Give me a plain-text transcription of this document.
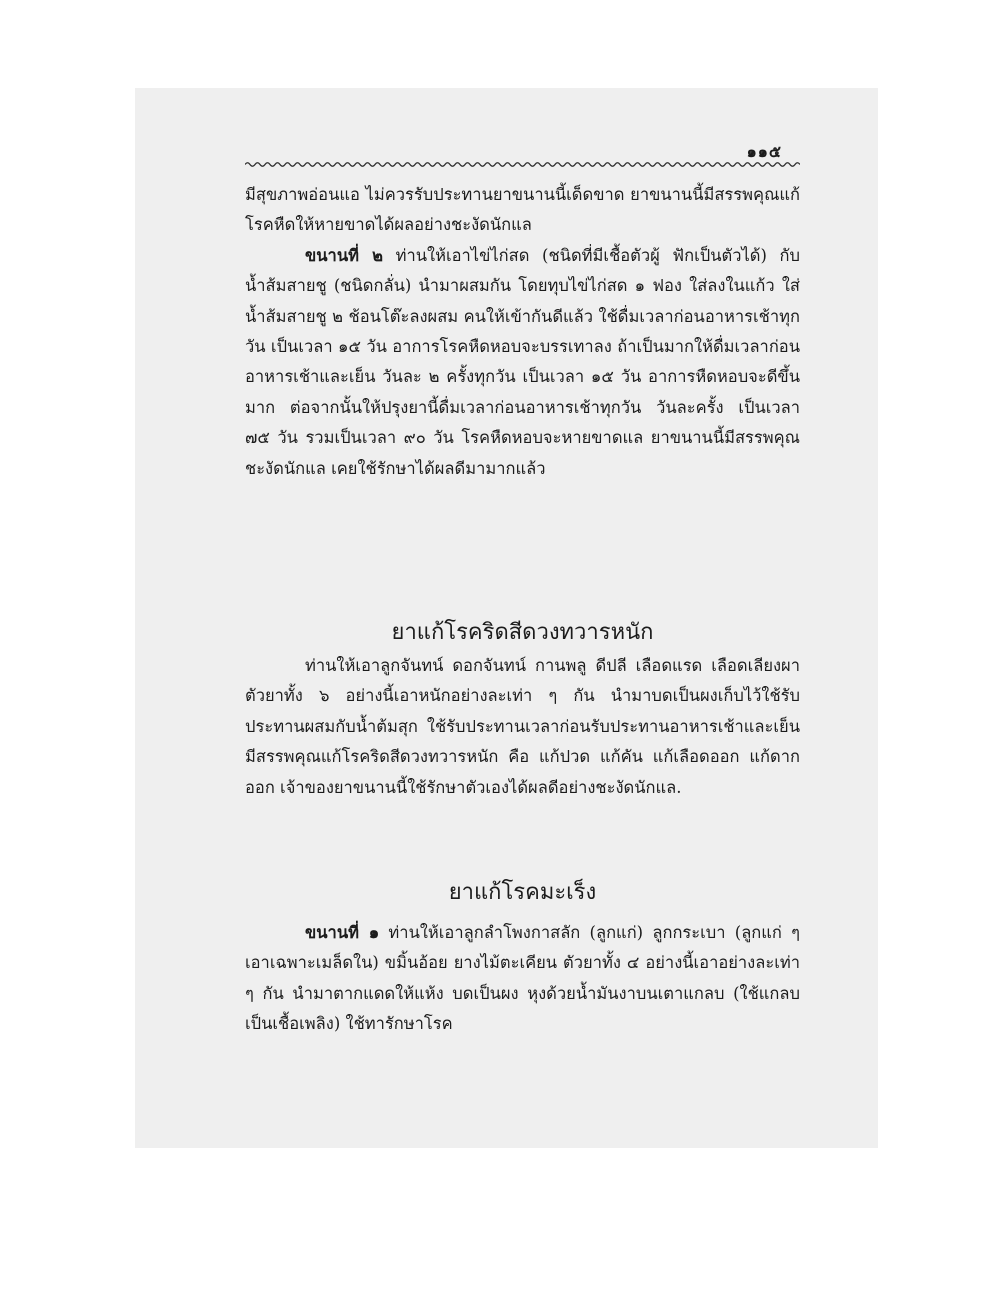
๑๑๕

มีสุขภาพอ่อนแอ ไม่ควรรับประทานยาขนานนี้เด็ดขาด ยาขนานนี้มีสรรพคุณแก้โรคหืดให้หายขาดได้ผลอย่างชะงัดนักแล

ขนานที่ ๒ ท่านให้เอาไข่ไก่สด (ชนิดที่มีเชื้อตัวผู้ ฟักเป็นตัวได้) กับน้ำส้มสายชู (ชนิดกลั่น) นำมาผสมกัน โดยทุบไข่ไก่สด ๑ ฟอง ใส่ลงในแก้ว ใส่น้ำส้มสายชู ๒ ช้อนโต๊ะลงผสม คนให้เข้ากันดีแล้ว ใช้ดื่มเวลาก่อนอาหารเช้าทุกวัน เป็นเวลา ๑๕ วัน อาการโรคหืดหอบจะบรรเทาลง ถ้าเป็นมากให้ดื่มเวลาก่อนอาหารเช้าและเย็น วันละ ๒ ครั้งทุกวัน เป็นเวลา ๑๕ วัน อาการหืดหอบจะดีขึ้นมาก ต่อจากนั้นให้ปรุงยานี้ดื่มเวลาก่อนอาหารเช้าทุกวัน วันละครั้ง เป็นเวลา ๗๕ วัน รวมเป็นเวลา ๙๐ วัน โรคหืดหอบจะหายขาดแล ยาขนานนี้มีสรรพคุณชะงัดนักแล เคยใช้รักษาได้ผลดีมามากแล้ว

ยาแก้โรคริดสีดวงทวารหนัก

ท่านให้เอาลูกจันทน์ ดอกจันทน์ กานพลู ดีปลี เลือดแรด เลือดเลียงผา ตัวยาทั้ง ๖ อย่างนี้เอาหนักอย่างละเท่า ๆ กัน นำมาบดเป็นผงเก็บไว้ใช้รับประทานผสมกับน้ำต้มสุก ใช้รับประทานเวลาก่อนรับประทานอาหารเช้าและเย็น มีสรรพคุณแก้โรคริดสีดวงทวารหนัก คือ แก้ปวด แก้คัน แก้เลือดออก แก้ดากออก เจ้าของยาขนานนี้ใช้รักษาตัวเองได้ผลดีอย่างชะงัดนักแล.

ยาแก้โรคมะเร็ง

ขนานที่ ๑ ท่านให้เอาลูกลำโพงกาสลัก (ลูกแก่) ลูกกระเบา (ลูกแก่ ๆ เอาเฉพาะเมล็ดใน) ขมิ้นอ้อย ยางไม้ตะเคียน ตัวยาทั้ง ๔ อย่างนี้เอาอย่างละเท่า ๆ กัน นำมาตากแดดให้แห้ง บดเป็นผง หุงด้วยน้ำมันงาบนเตาแกลบ (ใช้แกลบเป็นเชื้อเพลิง) ใช้ทารักษาโรค
